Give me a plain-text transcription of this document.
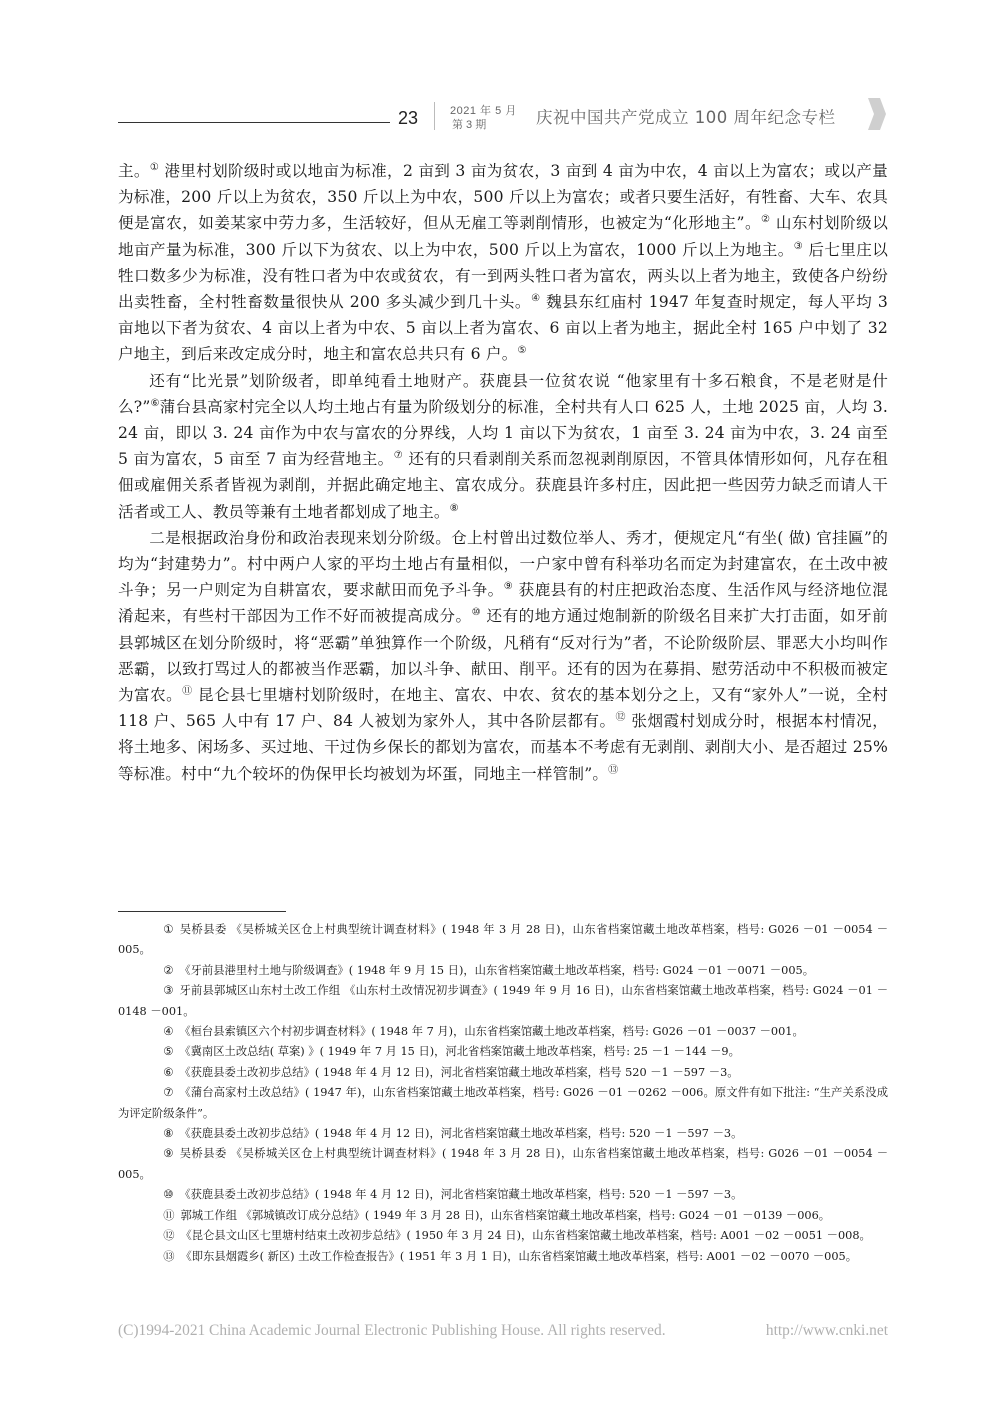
23	2021 年 5 月
第 3 期	庆祝中国共产党成立 100 周年纪念专栏

主。① 港里村划阶级时或以地亩为标准，2 亩到 3 亩为贫农，3 亩到 4 亩为中农，4 亩以上为富农；或以产量为标准，200 斤以上为贫农，350 斤以上为中农，500 斤以上为富农；或者只要生活好，有牲畜、大车、农具便是富农，如姜某家中劳力多，生活较好，但从无雇工等剥削情形，也被定为“化形地主”。② 山东村划阶级以地亩产量为标准，300 斤以下为贫农、以上为中农，500 斤以上为富农，1000 斤以上为地主。③ 后七里庄以牲口数多少为标准，没有牲口者为中农或贫农，有一到两头牲口者为富农，两头以上者为地主，致使各户纷纷出卖牲畜，全村牲畜数量很快从 200 多头减少到几十头。④ 魏县东红庙村 1947 年复查时规定，每人平均 3 亩地以下者为贫农、4 亩以上者为中农、5 亩以上者为富农、6 亩以上者为地主，据此全村 165 户中划了 32 户地主，到后来改定成分时，地主和富农总共只有 6 户。⑤

还有“比光景”划阶级者，即单纯看土地财产。获鹿县一位贫农说 “他家里有十多石粮食，不是老财是什么?”⑥蒲台县高家村完全以人均土地占有量为阶级划分的标准，全村共有人口 625 人，土地 2025 亩，人均 3. 24 亩，即以 3. 24 亩作为中农与富农的分界线，人均 1 亩以下为贫农，1 亩至 3. 24 亩为中农，3. 24 亩至 5 亩为富农，5 亩至 7 亩为经营地主。⑦ 还有的只看剥削关系而忽视剥削原因，不管具体情形如何，凡存在租佃或雇佣关系者皆视为剥削，并据此确定地主、富农成分。获鹿县许多村庄，因此把一些因劳力缺乏而请人干活者或工人、教员等兼有土地者都划成了地主。⑧

二是根据政治身份和政治表现来划分阶级。仓上村曾出过数位举人、秀才，便规定凡“有坐( 做) 官挂匾”的均为“封建势力”。村中两户人家的平均土地占有量相似，一户家中曾有科举功名而定为封建富农，在土改中被斗争；另一户则定为自耕富农，要求献田而免予斗争。⑨ 获鹿县有的村庄把政治态度、生活作风与经济地位混淆起来，有些村干部因为工作不好而被提高成分。⑩ 还有的地方通过炮制新的阶级名目来扩大打击面，如牙前县郭城区在划分阶级时，将“恶霸”单独算作一个阶级，凡稍有“反对行为”者，不论阶级阶层、罪恶大小均叫作恶霸，以致打骂过人的都被当作恶霸，加以斗争、献田、削平。还有的因为在募捐、慰劳活动中不积极而被定为富农。⑪ 昆仑县七里塘村划阶级时，在地主、富农、中农、贫农的基本划分之上，又有“家外人”一说，全村 118 户、565 人中有 17 户、84 人被划为家外人，其中各阶层都有。⑫ 张烟霞村划成分时，根据本村情况，将土地多、闲场多、买过地、干过伪乡保长的都划为富农，而基本不考虑有无剥削、剥削大小、是否超过 25% 等标准。村中“九个较坏的伪保甲长均被划为坏蛋，同地主一样管制”。⑬

① 吴桥县委 《吴桥城关区仓上村典型统计调查材料》( 1948 年 3 月 28 日)，山东省档案馆藏土地改革档案，档号: G026 －01 －0054 －005。

② 《牙前县港里村土地与阶级调查》( 1948 年 9 月 15 日)，山东省档案馆藏土地改革档案，档号: G024 －01 －0071 －005。

③ 牙前县郭城区山东村土改工作组 《山东村土改情况初步调查》( 1949 年 9 月 16 日)，山东省档案馆藏土地改革档案，档号: G024 －01 －0148 －001。

④ 《桓台县索镇区六个村初步调查材料》( 1948 年 7 月)，山东省档案馆藏土地改革档案，档号: G026 －01 －0037 －001。

⑤ 《冀南区土改总结( 草案) 》( 1949 年 7 月 15 日)，河北省档案馆藏土地改革档案，档号: 25 －1 －144 －9。

⑥ 《获鹿县委土改初步总结》( 1948 年 4 月 12 日)，河北省档案馆藏土地改革档案，档号 520 －1 －597 －3。

⑦ 《蒲台高家村土改总结》( 1947 年)，山东省档案馆藏土地改革档案，档号: G026 －01 －0262 －006。原文件有如下批注: “生产关系没成为评定阶级条件”。

⑧ 《获鹿县委土改初步总结》( 1948 年 4 月 12 日)，河北省档案馆藏土地改革档案，档号: 520 －1 －597 －3。

⑨ 吴桥县委 《吴桥城关区仓上村典型统计调查材料》( 1948 年 3 月 28 日)，山东省档案馆藏土地改革档案，档号: G026 －01 －0054 －005。

⑩ 《获鹿县委土改初步总结》( 1948 年 4 月 12 日)，河北省档案馆藏土地改革档案，档号: 520 －1 －597 －3。

⑪ 郭城工作组 《郭城镇改订成分总结》( 1949 年 3 月 28 日)，山东省档案馆藏土地改革档案，档号: G024 －01 －0139 －006。

⑫ 《昆仑县文山区七里塘村结束土改初步总结》( 1950 年 3 月 24 日)，山东省档案馆藏土地改革档案，档号: A001 －02 －0051 －008。

⑬ 《即东县烟霞乡( 新区) 土改工作检查报告》( 1951 年 3 月 1 日)，山东省档案馆藏土地改革档案，档号: A001 －02 －0070 －005。

(C)1994-2021 China Academic Journal Electronic Publishing House. All rights reserved.	http://www.cnki.net
